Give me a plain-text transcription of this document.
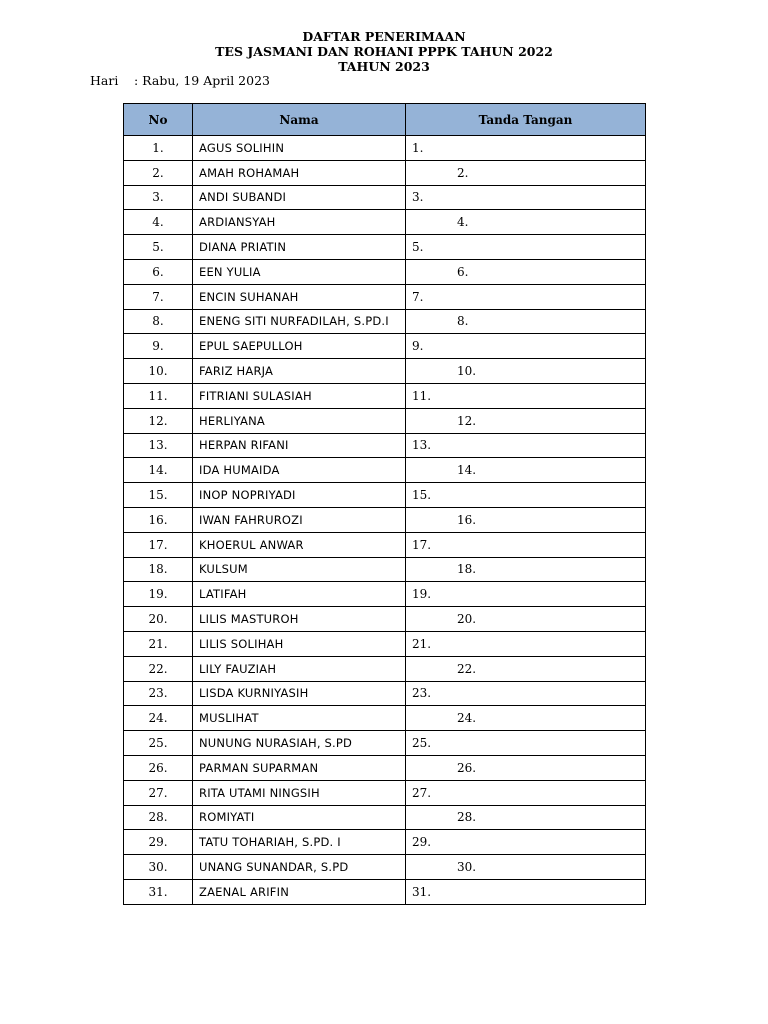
DAFTAR PENERIMAAN
TES JASMANI DAN ROHANI PPPK TAHUN 2022
TAHUN 2023
Hari : Rabu, 19 April 2023
No	Nama	Tanda Tangan
1.	AGUS SOLIHIN	1.
2.	AMAH ROHAMAH	2.
3.	ANDI SUBANDI	3.
4.	ARDIANSYAH	4.
5.	DIANA PRIATIN	5.
6.	EEN YULIA	6.
7.	ENCIN SUHANAH	7.
8.	ENENG SITI NURFADILAH, S.PD.I	8.
9.	EPUL SAEPULLOH	9.
10.	FARIZ HARJA	10.
11.	FITRIANI SULASIAH	11.
12.	HERLIYANA	12.
13.	HERPAN RIFANI	13.
14.	IDA HUMAIDA	14.
15.	INOP NOPRIYADI	15.
16.	IWAN FAHRUROZI	16.
17.	KHOERUL ANWAR	17.
18.	KULSUM	18.
19.	LATIFAH	19.
20.	LILIS MASTUROH	20.
21.	LILIS SOLIHAH	21.
22.	LILY FAUZIAH	22.
23.	LISDA KURNIYASIH	23.
24.	MUSLIHAT	24.
25.	NUNUNG NURASIAH, S.PD	25.
26.	PARMAN SUPARMAN	26.
27.	RITA UTAMI NINGSIH	27.
28.	ROMIYATI	28.
29.	TATU TOHARIAH, S.PD. I	29.
30.	UNANG SUNANDAR, S.PD	30.
31.	ZAENAL ARIFIN	31.
